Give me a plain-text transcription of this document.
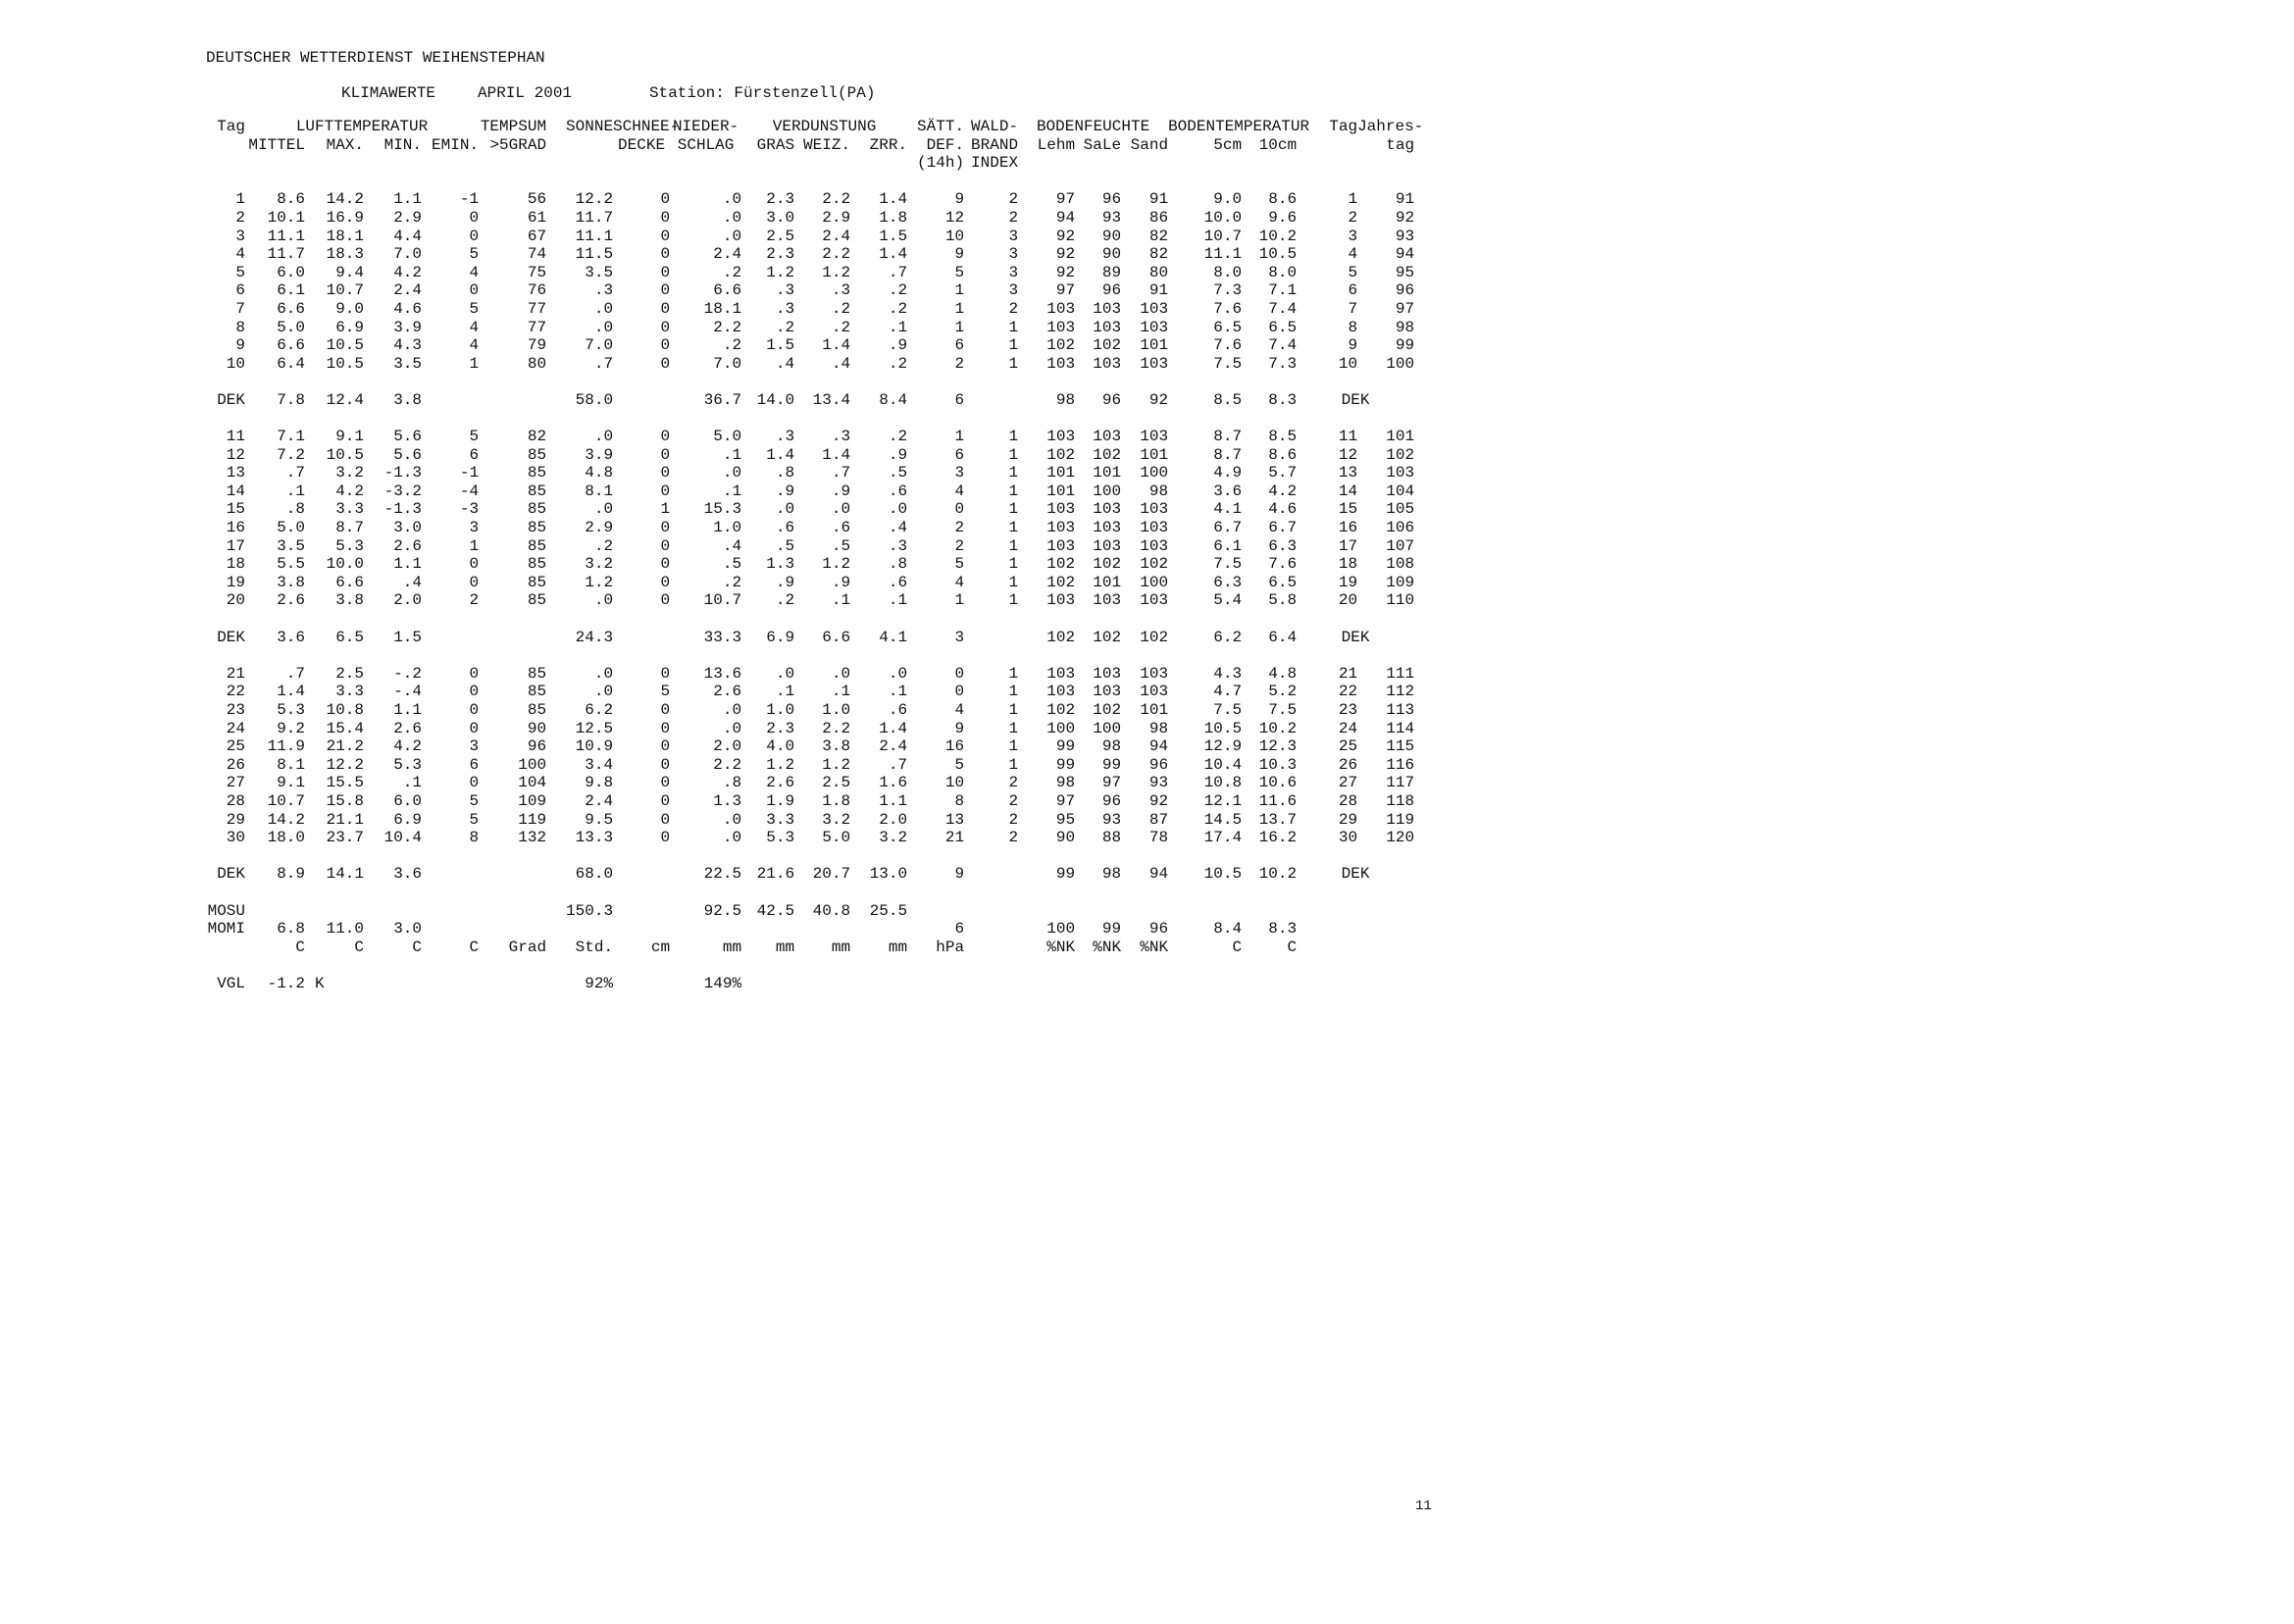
DEUTSCHER WETTERDIENST WEIHENSTEPHAN
KLIMAWERTE	APRIL 2001	Station: Fürstenzell(PA)
Tag	LUFTTEMPERATUR				TEMPSUM	SONNE	SCHNEE-	NIEDER-	VERDUNSTUNG			SÄTT.	WALD-	BODENFEUCHTE			BODENTEMPERATUR		Tag	Jahres-
	MITTEL	MAX.	MIN.	EMIN.	>5GRAD		DECKE	SCHLAG	GRAS	WEIZ.	ZRR.	DEF.	BRAND	Lehm	SaLe	Sand	5cm	10cm		tag
												(14h)	INDEX							

1	8.6	14.2	1.1	-1	56	12.2	0	.0	2.3	2.2	1.4	9	2	97	96	91	9.0	8.6	1	91
2	10.1	16.9	2.9	0	61	11.7	0	.0	3.0	2.9	1.8	12	2	94	93	86	10.0	9.6	2	92
3	11.1	18.1	4.4	0	67	11.1	0	.0	2.5	2.4	1.5	10	3	92	90	82	10.7	10.2	3	93
4	11.7	18.3	7.0	5	74	11.5	0	2.4	2.3	2.2	1.4	9	3	92	90	82	11.1	10.5	4	94
5	6.0	9.4	4.2	4	75	3.5	0	.2	1.2	1.2	.7	5	3	92	89	80	8.0	8.0	5	95
6	6.1	10.7	2.4	0	76	.3	0	6.6	.3	.3	.2	1	3	97	96	91	7.3	7.1	6	96
7	6.6	9.0	4.6	5	77	.0	0	18.1	.3	.2	.2	1	2	103	103	103	7.6	7.4	7	97
8	5.0	6.9	3.9	4	77	.0	0	2.2	.2	.2	.1	1	1	103	103	103	6.5	6.5	8	98
9	6.6	10.5	4.3	4	79	7.0	0	.2	1.5	1.4	.9	6	1	102	102	101	7.6	7.4	9	99
10	6.4	10.5	3.5	1	80	.7	0	7.0	.4	.4	.2	2	1	103	103	103	7.5	7.3	10	100

DEK	7.8	12.4	3.8			58.0		36.7	14.0	13.4	8.4	6		98	96	92	8.5	8.3	DEK	

11	7.1	9.1	5.6	5	82	.0	0	5.0	.3	.3	.2	1	1	103	103	103	8.7	8.5	11	101
12	7.2	10.5	5.6	6	85	3.9	0	.1	1.4	1.4	.9	6	1	102	102	101	8.7	8.6	12	102
13	.7	3.2	-1.3	-1	85	4.8	0	.0	.8	.7	.5	3	1	101	101	100	4.9	5.7	13	103
14	.1	4.2	-3.2	-4	85	8.1	0	.1	.9	.9	.6	4	1	101	100	98	3.6	4.2	14	104
15	.8	3.3	-1.3	-3	85	.0	1	15.3	.0	.0	.0	0	1	103	103	103	4.1	4.6	15	105
16	5.0	8.7	3.0	3	85	2.9	0	1.0	.6	.6	.4	2	1	103	103	103	6.7	6.7	16	106
17	3.5	5.3	2.6	1	85	.2	0	.4	.5	.5	.3	2	1	103	103	103	6.1	6.3	17	107
18	5.5	10.0	1.1	0	85	3.2	0	.5	1.3	1.2	.8	5	1	102	102	102	7.5	7.6	18	108
19	3.8	6.6	.4	0	85	1.2	0	.2	.9	.9	.6	4	1	102	101	100	6.3	6.5	19	109
20	2.6	3.8	2.0	2	85	.0	0	10.7	.2	.1	.1	1	1	103	103	103	5.4	5.8	20	110

DEK	3.6	6.5	1.5			24.3		33.3	6.9	6.6	4.1	3		102	102	102	6.2	6.4	DEK	

21	.7	2.5	-.2	0	85	.0	0	13.6	.0	.0	.0	0	1	103	103	103	4.3	4.8	21	111
22	1.4	3.3	-.4	0	85	.0	5	2.6	.1	.1	.1	0	1	103	103	103	4.7	5.2	22	112
23	5.3	10.8	1.1	0	85	6.2	0	.0	1.0	1.0	.6	4	1	102	102	101	7.5	7.5	23	113
24	9.2	15.4	2.6	0	90	12.5	0	.0	2.3	2.2	1.4	9	1	100	100	98	10.5	10.2	24	114
25	11.9	21.2	4.2	3	96	10.9	0	2.0	4.0	3.8	2.4	16	1	99	98	94	12.9	12.3	25	115
26	8.1	12.2	5.3	6	100	3.4	0	2.2	1.2	1.2	.7	5	1	99	99	96	10.4	10.3	26	116
27	9.1	15.5	.1	0	104	9.8	0	.8	2.6	2.5	1.6	10	2	98	97	93	10.8	10.6	27	117
28	10.7	15.8	6.0	5	109	2.4	0	1.3	1.9	1.8	1.1	8	2	97	96	92	12.1	11.6	28	118
29	14.2	21.1	6.9	5	119	9.5	0	.0	3.3	3.2	2.0	13	2	95	93	87	14.5	13.7	29	119
30	18.0	23.7	10.4	8	132	13.3	0	.0	5.3	5.0	3.2	21	2	90	88	78	17.4	16.2	30	120

DEK	8.9	14.1	3.6			68.0		22.5	21.6	20.7	13.0	9		99	98	94	10.5	10.2	DEK	

MOSU						150.3		92.5	42.5	40.8	25.5									
MOMI	6.8	11.0	3.0									6		100	99	96	8.4	8.3		
	C	C	C	C	Grad	Std.	cm	mm	mm	mm	mm	hPa		%NK	%NK	%NK	C	C		

VGL	-1.2	K				92%		149%												
11
